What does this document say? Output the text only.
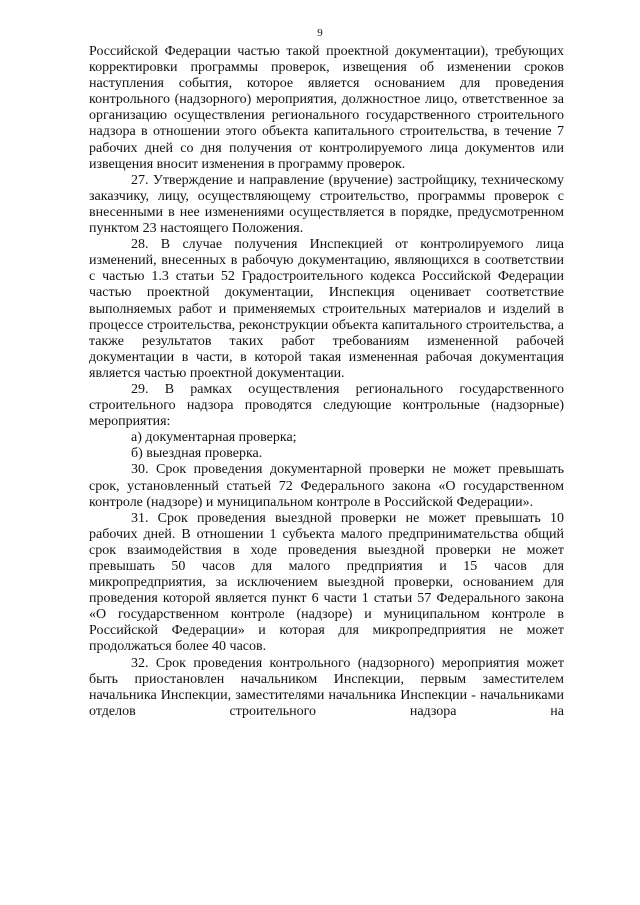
9

Российской Федерации частью такой проектной документации), требующих корректировки программы проверок, извещения об изменении сроков наступления события, которое является основанием для проведения контрольного (надзорного) мероприятия, должностное лицо, ответственное за организацию осуществления регионального государственного строительного надзора в отношении этого объекта капитального строительства, в течение 7 рабочих дней со дня получения от контролируемого лица документов или извещения вносит изменения в программу проверок.

27. Утверждение и направление (вручение) застройщику, техническому заказчику, лицу, осуществляющему строительство, программы проверок с внесенными в нее изменениями осуществляется в порядке, предусмотренном пунктом 23 настоящего Положения.

28. В случае получения Инспекцией от контролируемого лица изменений, внесенных в рабочую документацию, являющихся в соответствии с частью 1.3 статьи 52 Градостроительного кодекса Российской Федерации частью проектной документации, Инспекция оценивает соответствие выполняемых работ и применяемых строительных материалов и изделий в процессе строительства, реконструкции объекта капитального строительства, а также результатов таких работ требованиям измененной рабочей документации в части, в которой такая измененная рабочая документация является частью проектной документации.

29. В рамках осуществления регионального государственного строительного надзора проводятся следующие контрольные (надзорные) мероприятия:

а) документарная проверка;

б) выездная проверка.

30. Срок проведения документарной проверки не может превышать срок, установленный статьей 72 Федерального закона «О государственном контроле (надзоре) и муниципальном контроле в Российской Федерации».

31. Срок проведения выездной проверки не может превышать 10 рабочих дней. В отношении 1 субъекта малого предпринимательства общий срок взаимодействия в ходе проведения выездной проверки не может превышать 50 часов для малого предприятия и 15 часов для микропредприятия, за исключением выездной проверки, основанием для проведения которой является пункт 6 части 1 статьи 57 Федерального закона «О государственном контроле (надзоре) и муниципальном контроле в Российской Федерации» и которая для микропредприятия не может продолжаться более 40 часов.

32. Срок проведения контрольного (надзорного) мероприятия может быть приостановлен начальником Инспекции, первым заместителем начальника Инспекции, заместителями начальника Инспекции - начальниками отделов строительного надзора на
